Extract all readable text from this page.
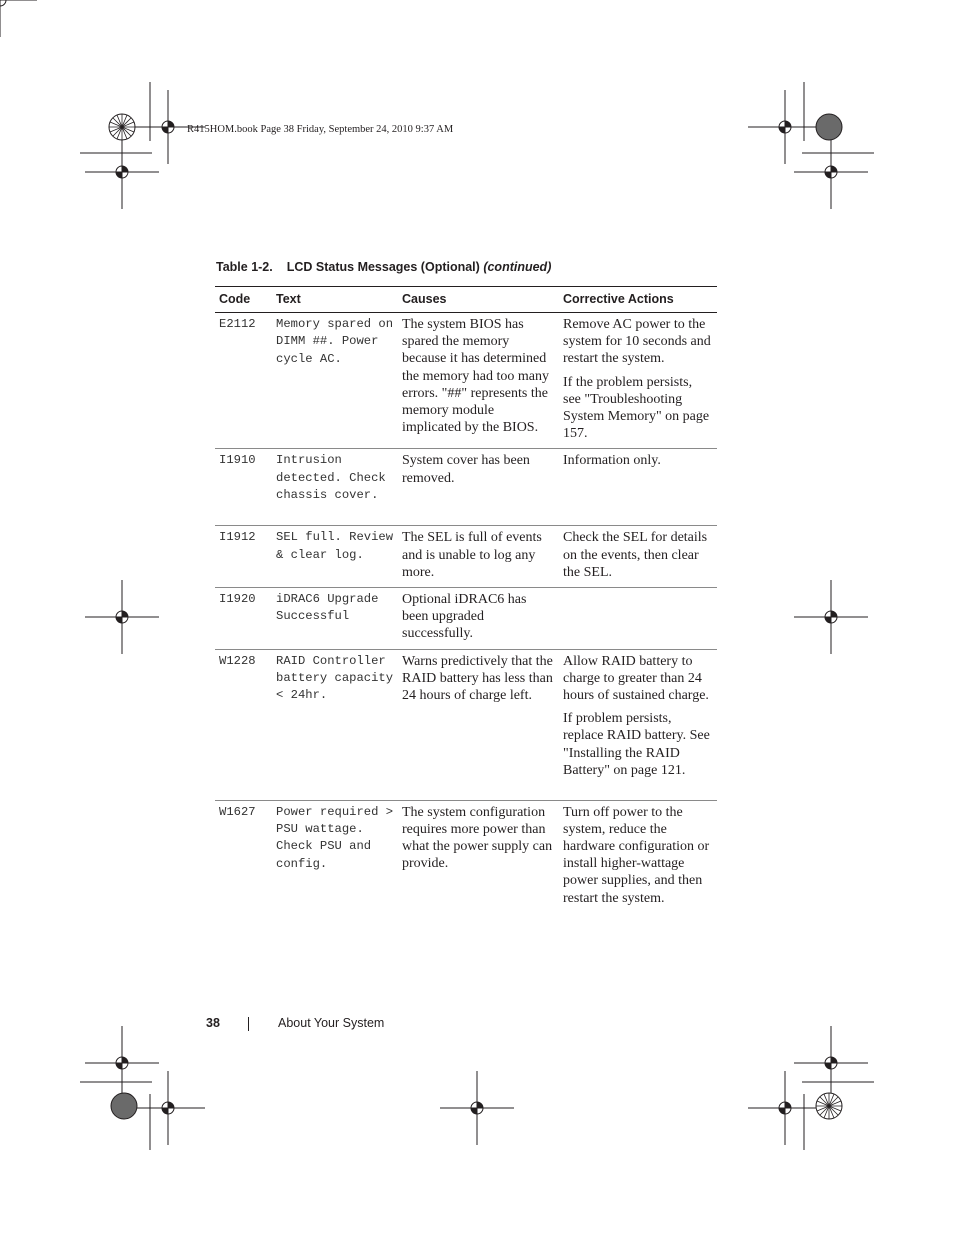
R415HOM.book Page 38 Friday, September 24, 2010 9:37 AM
Table 1-2. LCD Status Messages (Optional) (continued)
Code	Text	Causes	Corrective Actions
E2112	Memory spared on DIMM ##. Power cycle AC.	The system BIOS has spared the memory because it has determined the memory had too many errors. "##" represents the memory module implicated by the BIOS.	Remove AC power to the system for 10 seconds and restart the system.

If the problem persists, see "Troubleshooting System Memory" on page 157.

I1910	Intrusion detected. Check chassis cover.	System cover has been removed.	Information only.

I1912	SEL full. Review & clear log.	The SEL is full of events and is unable to log any more.	Check the SEL for details on the events, then clear the SEL.

I1920	iDRAC6 Upgrade Successful	Optional iDRAC6 has been upgraded successfully.	
W1228	RAID Controller battery capacity < 24hr.	Warns predictively that the RAID battery has less than 24 hours of charge left.	Allow RAID battery to charge to greater than 24 hours of sustained charge.

If problem persists, replace RAID battery. See "Installing the RAID Battery" on page 121.

W1627	Power required > PSU wattage. Check PSU and config.	The system configuration requires more power than what the power supply can provide.	Turn off power to the system, reduce the hardware configuration or install higher-wattage power supplies, and then restart the system.

38	About Your System
